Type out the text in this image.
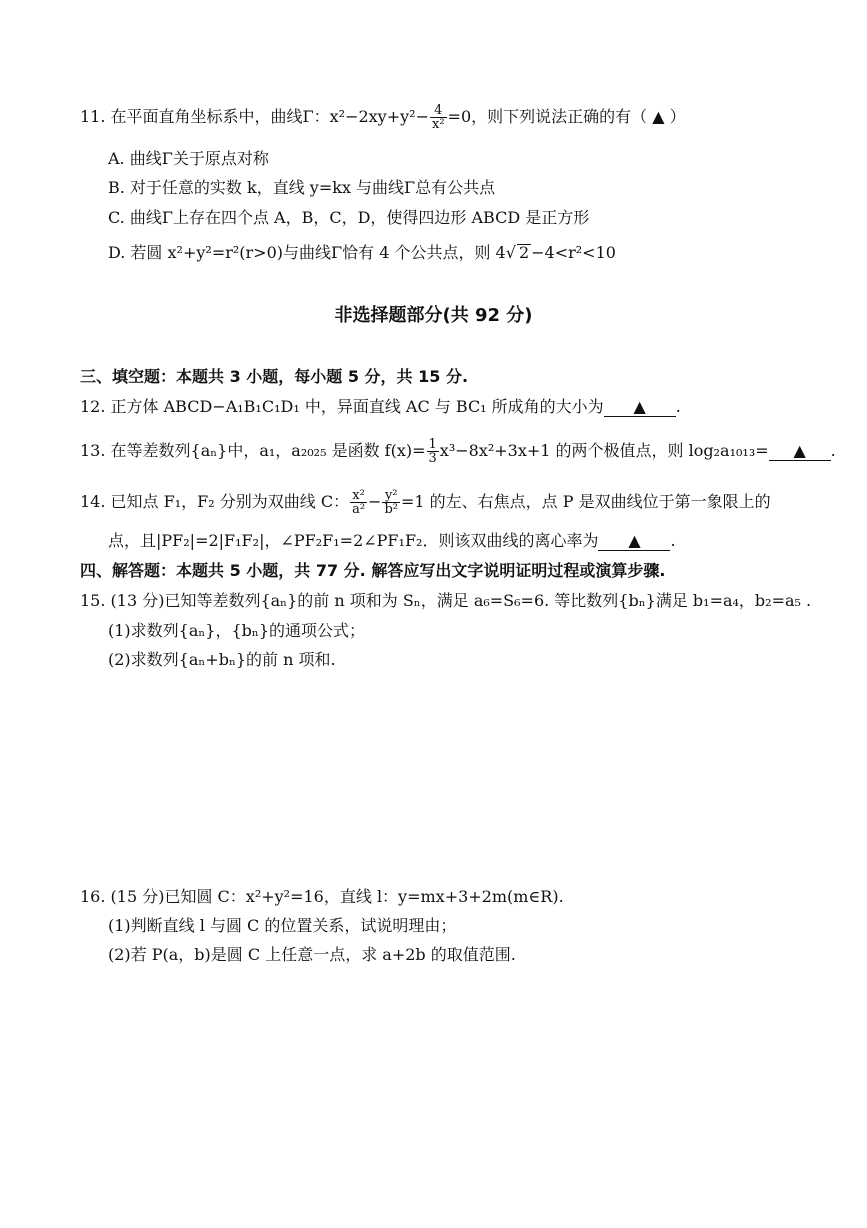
11. 在平面直角坐标系中，曲线Γ：$x^2-2xy+y^2- \frac{4}{\text{x²}} =0$，则下列说法正确的有（ ▲ ）
A. 曲线Γ关于原点对称
B. 对于任意的实数 k，直线 y=kx 与曲线Γ总有公共点
C. 曲线Γ上存在四个点 A，B，C，D，使得四边形 ABCD 是正方形
D. 若圆 x²+y²=r²(r>0)与曲线Γ恰有 4 个公共点，则 4√ 2 −4<r²<10
非选择题部分(共 92 分)
三、填空题：本题共 3 小题，每小题 5 分，共 15 分.
12. 正方体 ABCD−A₁B₁C₁D₁ 中，异面直线 AC 与 BC₁ 所成角的大小为 ▲ .
13. 在等差数列{aₙ}中，a₁，a₂₀₂₅ 是函数 $f(x)= \frac{1}{3} x^3-8x^2+3x+1$ 的两个极值点，则 log₂a₁₀₁₃= ▲ .
14. 已知点 F₁，F₂ 分别为双曲线 C： $\frac{\text{x²}}{\text{a²}} - \frac{\text{y²}}{\text{b²}} =1$ 的左、右焦点，点 P 是双曲线位于第一象限上的
点，且|PF₂|=2|F₁F₂|，∠PF₂F₁=2∠PF₁F₂．则该双曲线的离心率为 ▲ .
四、解答题：本题共 5 小题，共 77 分. 解答应写出文字说明证明过程或演算步骤.
15. (13 分)已知等差数列{aₙ}的前 n 项和为 Sₙ，满足 a₆=S₆=6. 等比数列{bₙ}满足 b₁=a₄，b₂=a₅ .
(1)求数列{aₙ}，{bₙ}的通项公式；
(2)求数列{aₙ+bₙ}的前 n 项和.
16. (15 分)已知圆 C：x²+y²=16，直线 l：y=mx+3+2m(m∈R).
(1)判断直线 l 与圆 C 的位置关系，试说明理由；
(2)若 P(a，b)是圆 C 上任意一点，求 a+2b 的取值范围.
